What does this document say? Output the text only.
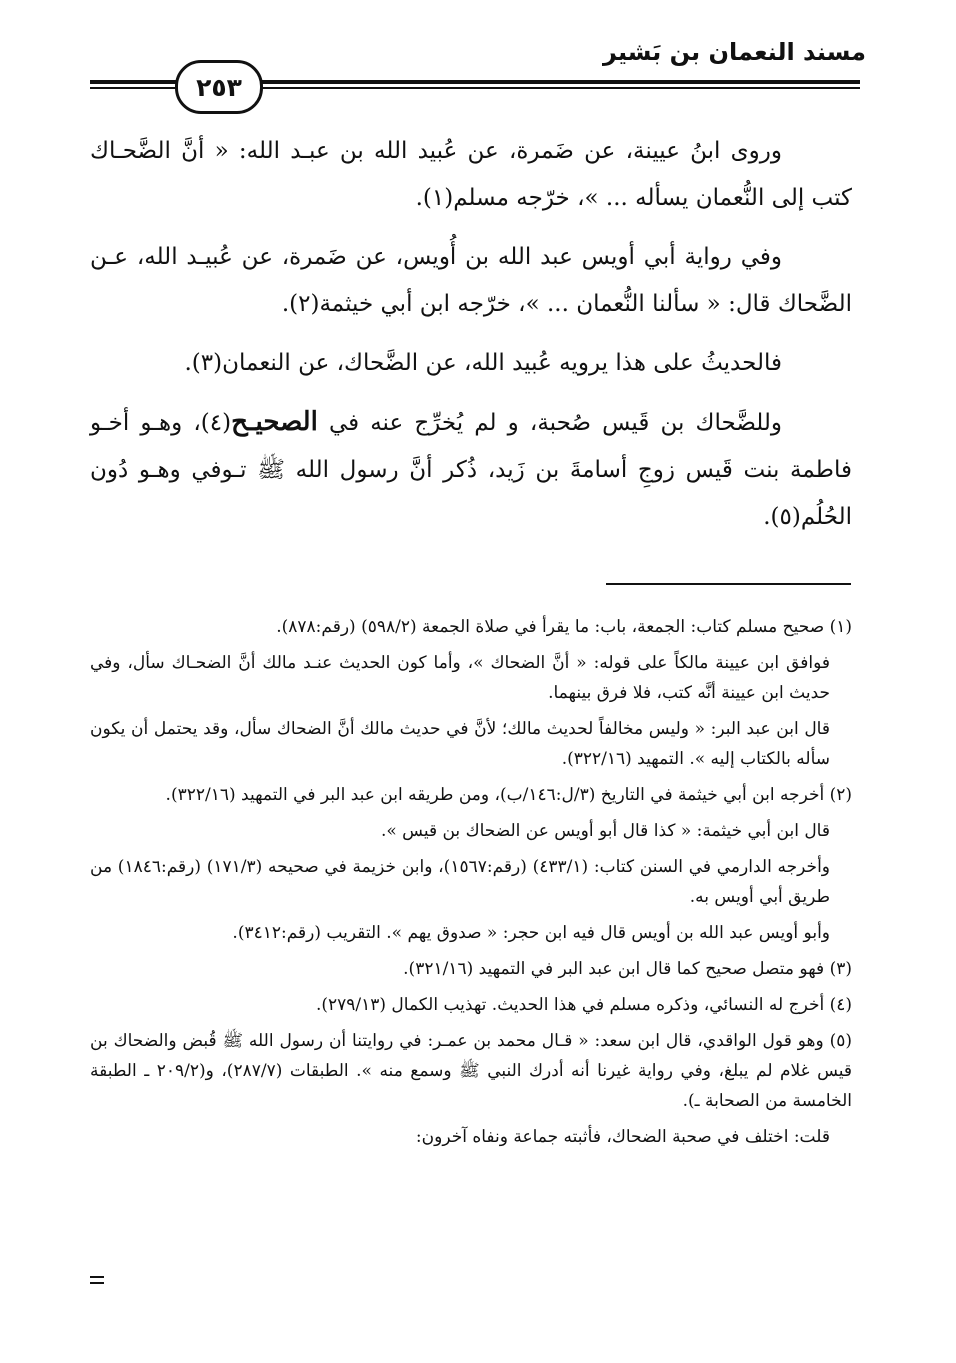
مسند النعمان بن بَشير
٢٥٣

وروى ابنُ عيينة، عن ضَمرة، عن عُبيد الله بن عبـد الله: « أنَّ الضَّحـاك كتب إلى النُّعمان يسأله ... »، خرّجه مسلم(١).

وفي رواية أبي أويس عبد الله بن أُويس، عن ضَمرة، عن عُبيـد الله، عـن الضَّحاك قال: « سألنا النُّعمان ... »، خرّجه ابن أبي خيثمة(٢).

فالحديثُ على هذا يرويه عُبيد الله، عن الضَّحاك، عن النعمان(٣).

وللضَّحاك بن قَيس صُحبة، و لم يُخرِّج عنه في الصحيـح(٤)، وهـو أخـو فاطمة بنت قَيس زوجِ أسامةَ بن زَيد، ذُكر أنَّ رسول الله ﷺ تـوفي وهـو دُون الحُلُم(٥).

(١) صحيح مسلم كتاب: الجمعة، باب: ما يقرأ في صلاة الجمعة (٥٩٨/٢) (رقم:٨٧٨).

فوافق ابن عيينة مالكاً على قوله: « أنَّ الضحاك »، وأما كون الحديث عنـد مالك أنَّ الضحـاك سأل، وفي حديث ابن عيينة أنَّه كتب، فلا فرق بينهما.

قال ابن عبد البر: « وليس مخالفاً لحديث مالك؛ لأنَّ في حديث مالك أنَّ الضحاك سأل، وقد يحتمل أن يكون سأله بالكتاب إليه ». التمهيد (٣٢٢/١٦).

(٢) أخرجه ابن أبي خيثمة في التاريخ (٣/ل:١٤٦/ب)، ومن طريقه ابن عبد البر في التمهيد (٣٢٢/١٦).

قال ابن أبي خيثمة: « كذا قال أبو أويس عن الضحاك بن قيس ».

وأخرجه الدارمي في السنن كتاب: (٤٣٣/١) (رقم:١٥٦٧)، وابن خزيمة في صحيحه (١٧١/٣) (رقم:١٨٤٦) من طريق أبي أويس به.

وأبو أويس عبد الله بن أويس قال فيه ابن حجر: « صدوق يهم ». التقريب (رقم:٣٤١٢).

(٣) فهو متصل صحيح كما قال ابن عبد البر في التمهيد (٣٢١/١٦).

(٤) أخرج له النسائي، وذكره مسلم في هذا الحديث. تهذيب الكمال (٢٧٩/١٣).

(٥) وهو قول الواقدي، قال ابن سعد: « قـال محمد بن عمـر: في روايتنا أن رسول الله ﷺ قُبض والضحاك بن قيس غلام لم يبلغ، وفي رواية غيرنا أنه أدرك النبي ﷺ وسمع منه ». الطبقات (٢٨٧/٧)، و(٢٠٩/٢ ـ الطبقة الخامسة من الصحابة ـ).

قلت: اختلف في صحبة الضحاك، فأثبته جماعة ونفاه آخرون:
